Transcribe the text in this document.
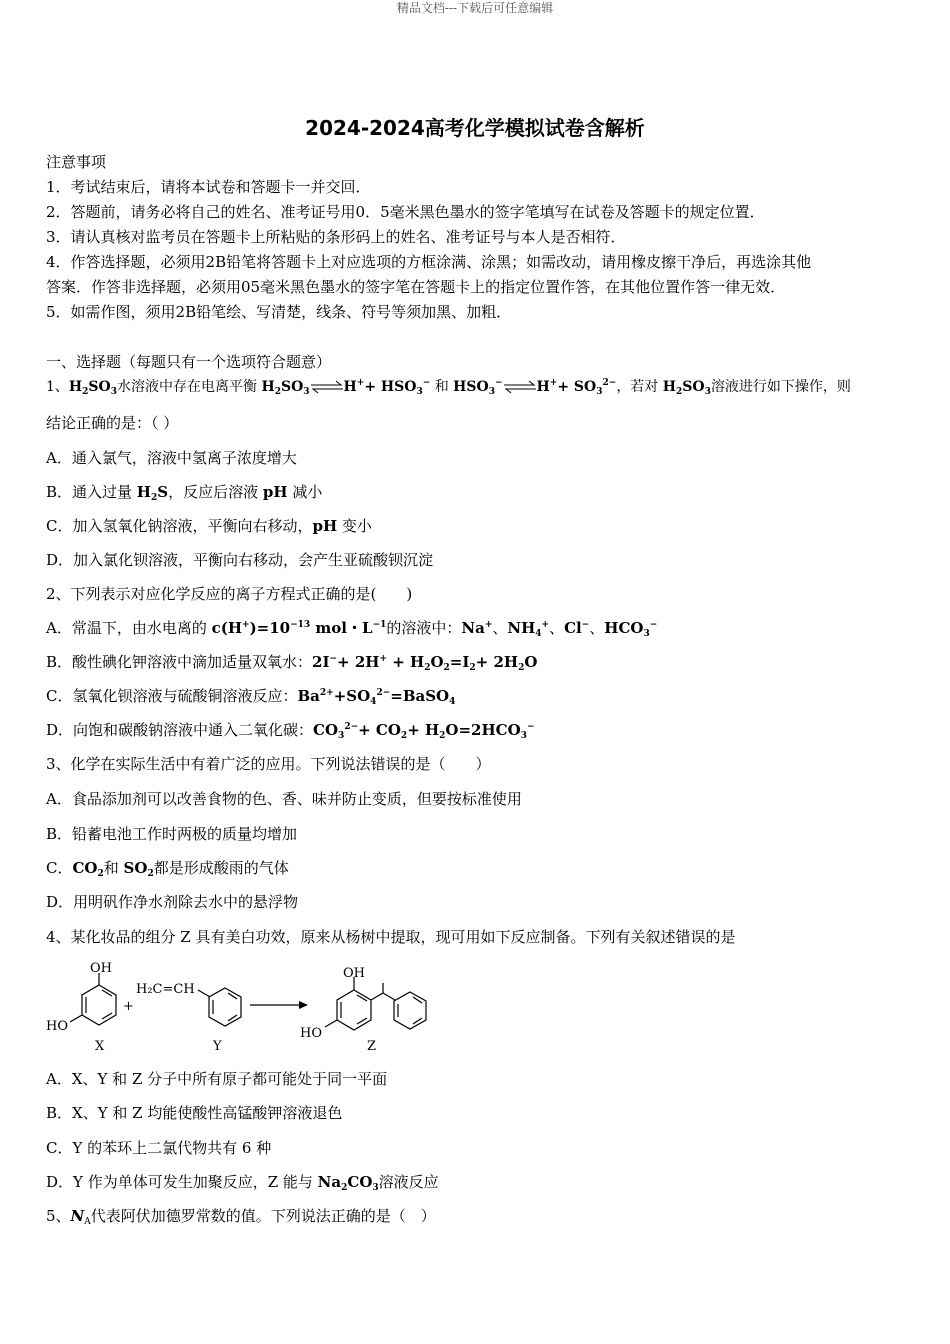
精品文档---下载后可任意编辑
2024-2024高考化学模拟试卷含解析
注意事项
1．考试结束后，请将本试卷和答题卡一并交回．
2．答题前，请务必将自己的姓名、准考证号用0．5毫米黑色墨水的签字笔填写在试卷及答题卡的规定位置．
3．请认真核对监考员在答题卡上所粘贴的条形码上的姓名、准考证号与本人是否相符．
4．作答选择题，必须用2B铅笔将答题卡上对应选项的方框涂满、涂黑；如需改动，请用橡皮擦干净后，再选涂其他
答案．作答非选择题，必须用05毫米黑色墨水的签字笔在答题卡上的指定位置作答，在其他位置作答一律无效．
5．如需作图，须用2B铅笔绘、写清楚，线条、符号等须加黑、加粗．
一、选择题（每题只有一个选项符合题意）
1、$H_2SO_3$水溶液中存在电离平衡 $H_2SO_3\rightleftharpoons H^++ HSO_3^-$ 和 $HSO_3^-\rightleftharpoons H^++ SO_3^{2-}$，若对 $H_2SO_3$溶液进行如下操作，则
结论正确的是：（ ）
A．通入氯气，溶液中氢离子浓度增大
B．通入过量 $H_2S$，反应后溶液 pH 减小
C．加入氢氧化钠溶液，平衡向右移动，pH 变小
D．加入氯化钡溶液，平衡向右移动，会产生亚硫酸钡沉淀
2、下列表示对应化学反应的离子方程式正确的是(　　)
A．常温下，由水电离的 $c(H^+)=10^{-13}$ mol・$L^{-1}$的溶液中：Na+、$NH_4^+$、Cl−、$HCO_3^-$
B．酸性碘化钾溶液中滴加适量双氧水：$2I^-+ 2H^+ + H_2O_2=I_2+ 2H_2O$
C．氢氧化钡溶液与硫酸铜溶液反应：$Ba^{2+}+SO_4^{2-}=BaSO_4$
D．向饱和碳酸钠溶液中通入二氧化碳：$CO_3^{2-}+ CO_2+ H_2O=2HCO_3^-$
3、化学在实际生活中有着广泛的应用。下列说法错误的是（　　）
A．食品添加剂可以改善食物的色、香、味并防止变质，但要按标准使用
B．铅蓄电池工作时两极的质量均增加
C．$CO_2$和 $SO_2$都是形成酸雨的气体
D．用明矾作净水剂除去水中的悬浮物
4、某化妆品的组分 Z 具有美白功效，原来从杨树中提取，现可用如下反应制备。下列有关叙述错误的是
OH
HO
X
+
H₂C=CH
Y
OH
HO
Z
A．X、Y 和 Z 分子中所有原子都可能处于同一平面
B．X、Y 和 Z 均能使酸性高锰酸钾溶液退色
C．Y 的苯环上二氯代物共有 6 种
D．Y 作为单体可发生加聚反应，Z 能与 $Na_2CO_3$溶液反应
5、$N_A$代表阿伏加德罗常数的值。下列说法正确的是（　）
